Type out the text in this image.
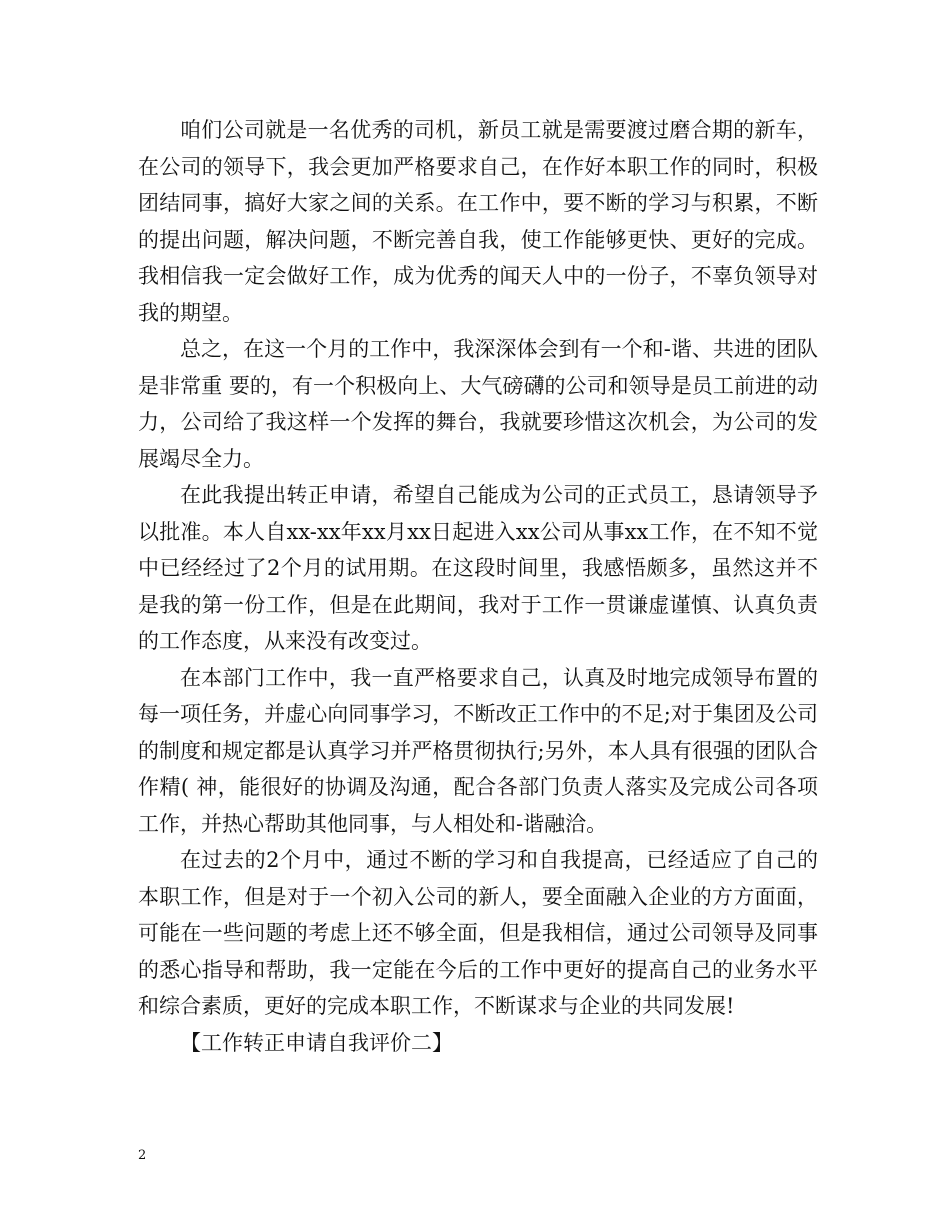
咱们公司就是一名优秀的司机，新员工就是需要渡过磨合期的新车，在公司的领导下，我会更加严格要求自己，在作好本职工作的同时，积极团结同事，搞好大家之间的关系。在工作中，要不断的学习与积累，不断的提出问题，解决问题，不断完善自我，使工作能够更快、更好的完成。我相信我一定会做好工作，成为优秀的闻天人中的一份子，不辜负领导对我的期望。

总之，在这一个月的工作中，我深深体会到有一个和-谐、共进的团队是非常重 要的，有一个积极向上、大气磅礴的公司和领导是员工前进的动力，公司给了我这样一个发挥的舞台，我就要珍惜这次机会，为公司的发展竭尽全力。

在此我提出转正申请，希望自己能成为公司的正式员工，恳请领导予以批准。本人自xx-xx年xx月xx日起进入xx公司从事xx工作，在不知不觉中已经经过了2个月的试用期。在这段时间里，我感悟颇多，虽然这并不是我的第一份工作，但是在此期间，我对于工作一贯谦虚谨慎、认真负责的工作态度，从来没有改变过。

在本部门工作中，我一直严格要求自己，认真及时地完成领导布置的每一项任务，并虚心向同事学习，不断改正工作中的不足;对于集团及公司的制度和规定都是认真学习并严格贯彻执行;另外，本人具有很强的团队合作精( 神，能很好的协调及沟通，配合各部门负责人落实及完成公司各项工作，并热心帮助其他同事，与人相处和-谐融洽。

在过去的2个月中，通过不断的学习和自我提高，已经适应了自己的本职工作，但是对于一个初入公司的新人，要全面融入企业的方方面面，可能在一些问题的考虑上还不够全面，但是我相信，通过公司领导及同事的悉心指导和帮助，我一定能在今后的工作中更好的提高自己的业务水平和综合素质，更好的完成本职工作，不断谋求与企业的共同发展!

【工作转正申请自我评价二】

2
